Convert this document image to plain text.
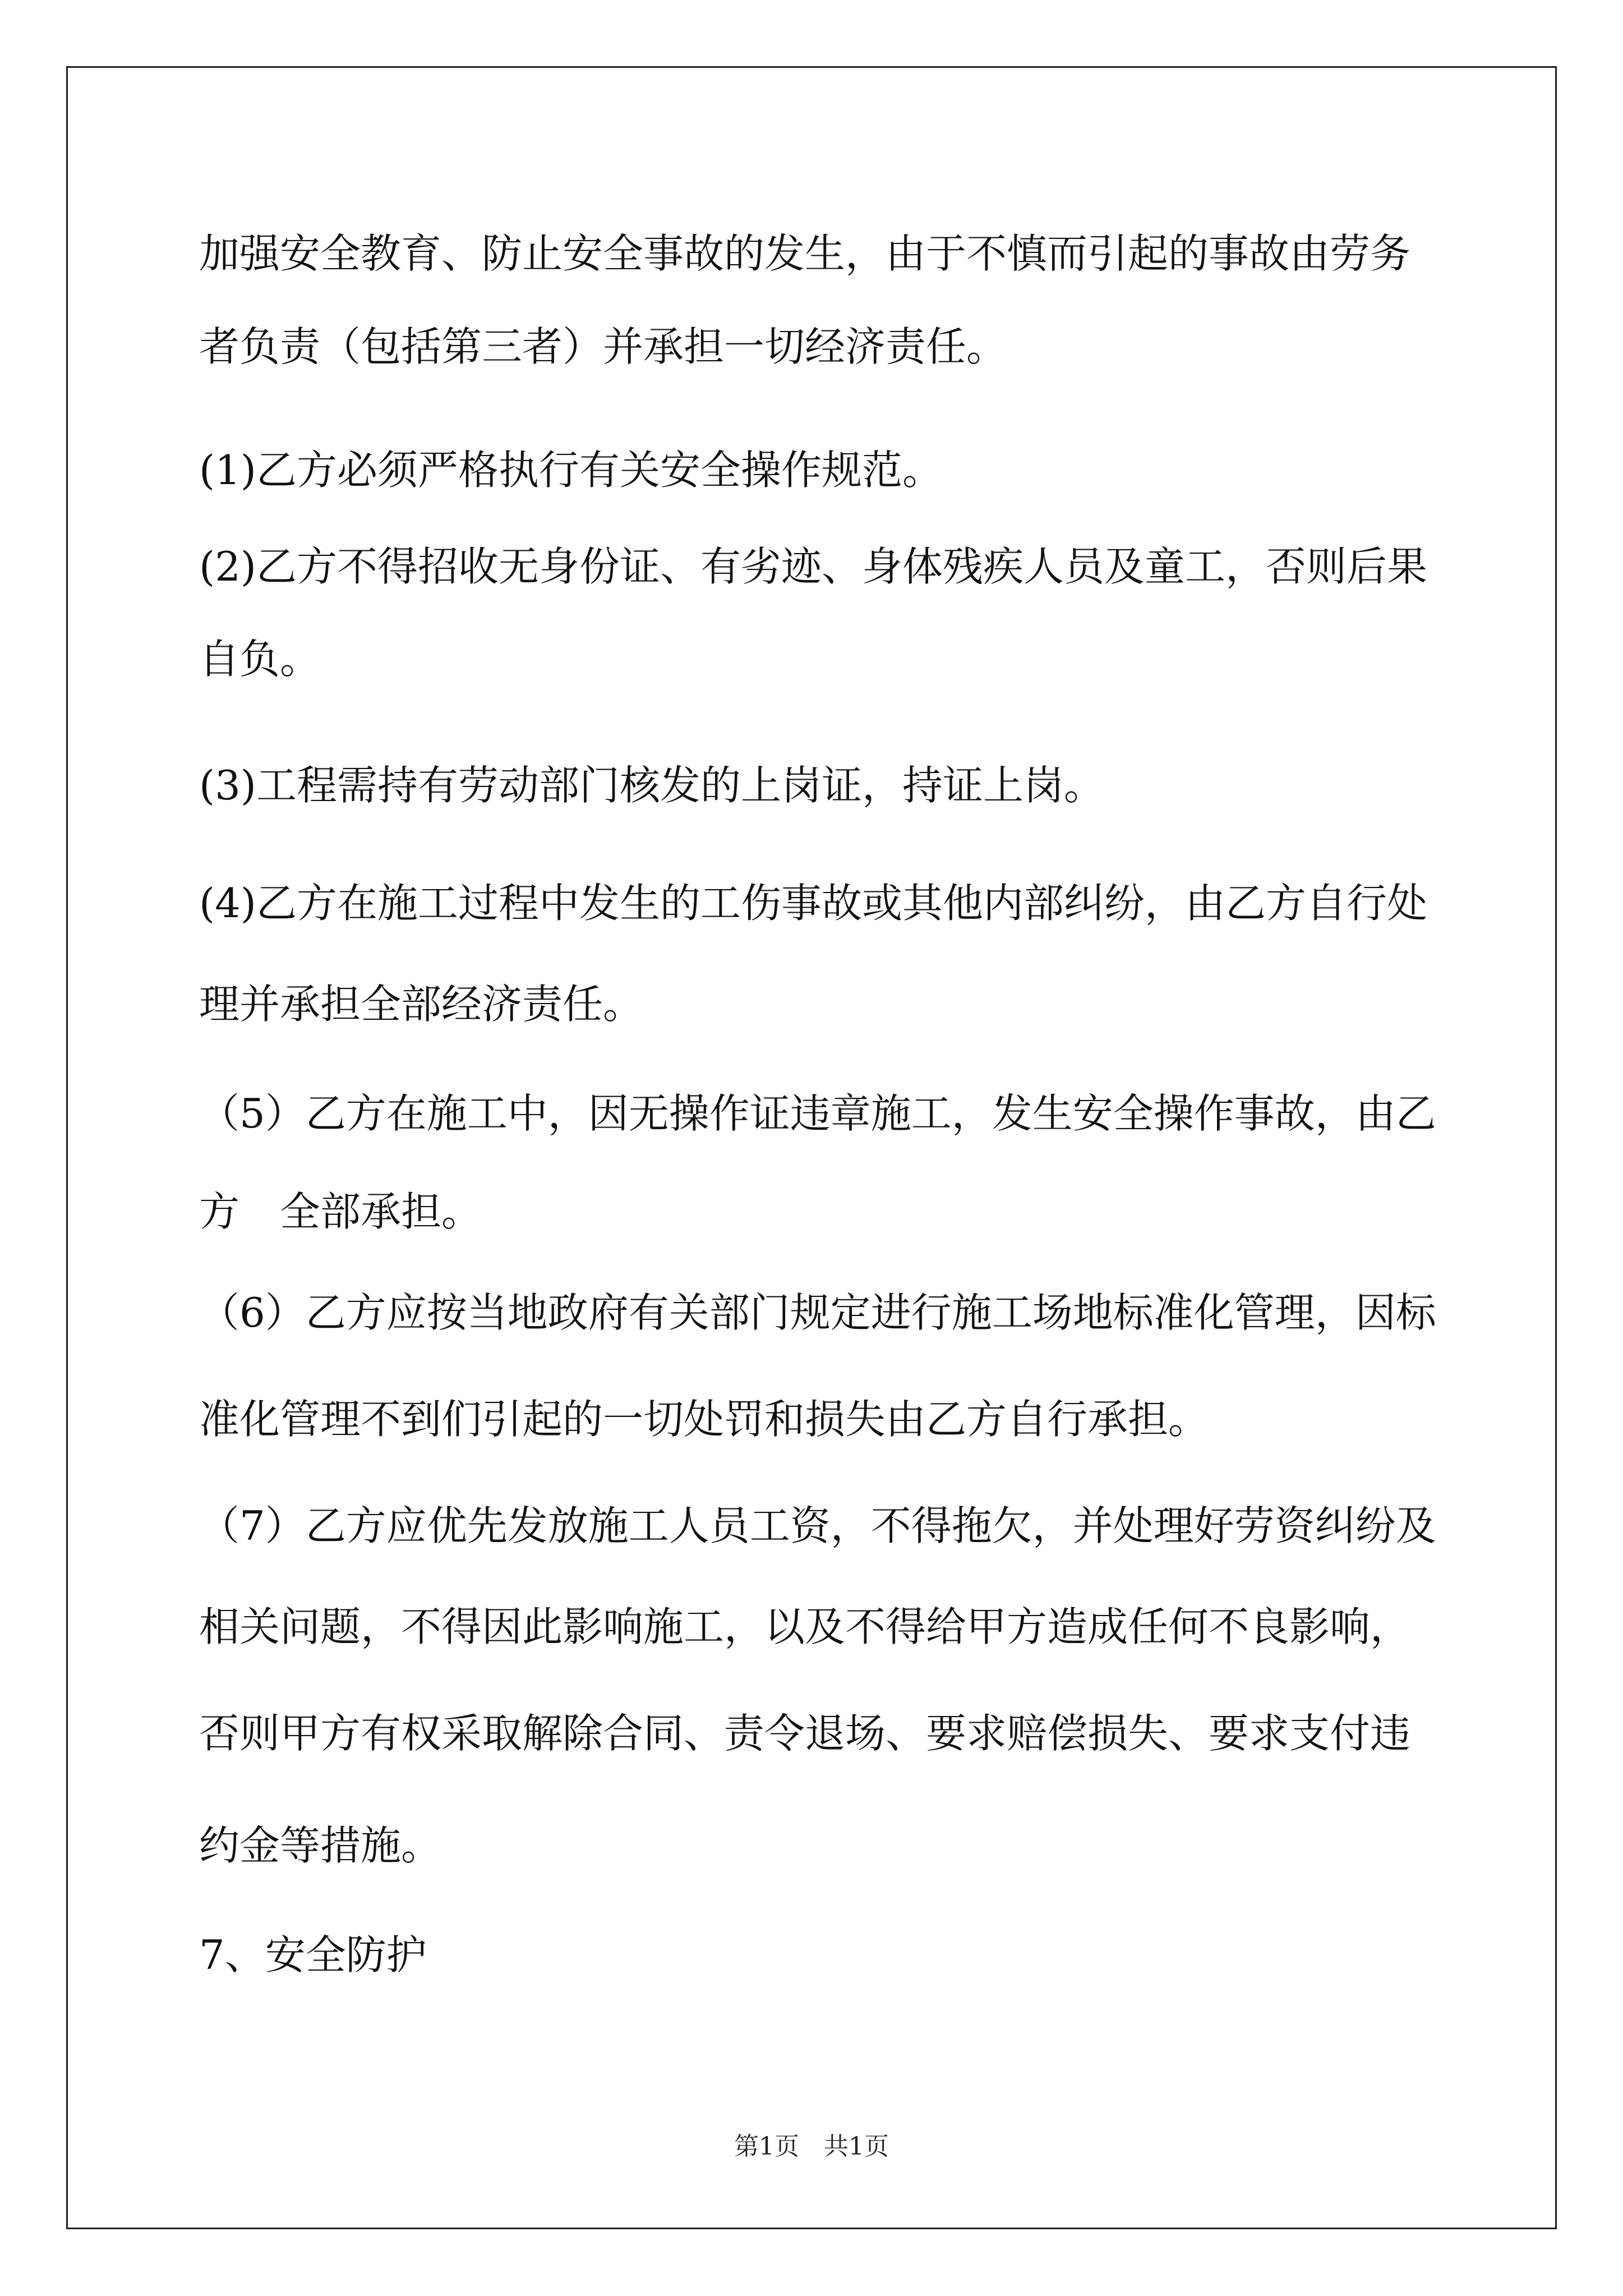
加强安全教育、防止安全事故的发生，由于不慎而引起的事故由劳务
者负责（包括第三者）并承担一切经济责任。
(1)乙方必须严格执行有关安全操作规范。
(2)乙方不得招收无身份证、有劣迹、身体残疾人员及童工，否则后果
自负。
(3)工程需持有劳动部门核发的上岗证，持证上岗。
(4)乙方在施工过程中发生的工伤事故或其他内部纠纷，由乙方自行处
理并承担全部经济责任。
（5）乙方在施工中，因无操作证违章施工，发生安全操作事故，由乙
方　全部承担。
（6）乙方应按当地政府有关部门规定进行施工场地标准化管理，因标
准化管理不到们引起的一切处罚和损失由乙方自行承担。
（7）乙方应优先发放施工人员工资，不得拖欠，并处理好劳资纠纷及
相关问题，不得因此影响施工，以及不得给甲方造成任何不良影响，
否则甲方有权采取解除合同、责令退场、要求赔偿损失、要求支付违
约金等措施。
7、安全防护
第1页　共1页
